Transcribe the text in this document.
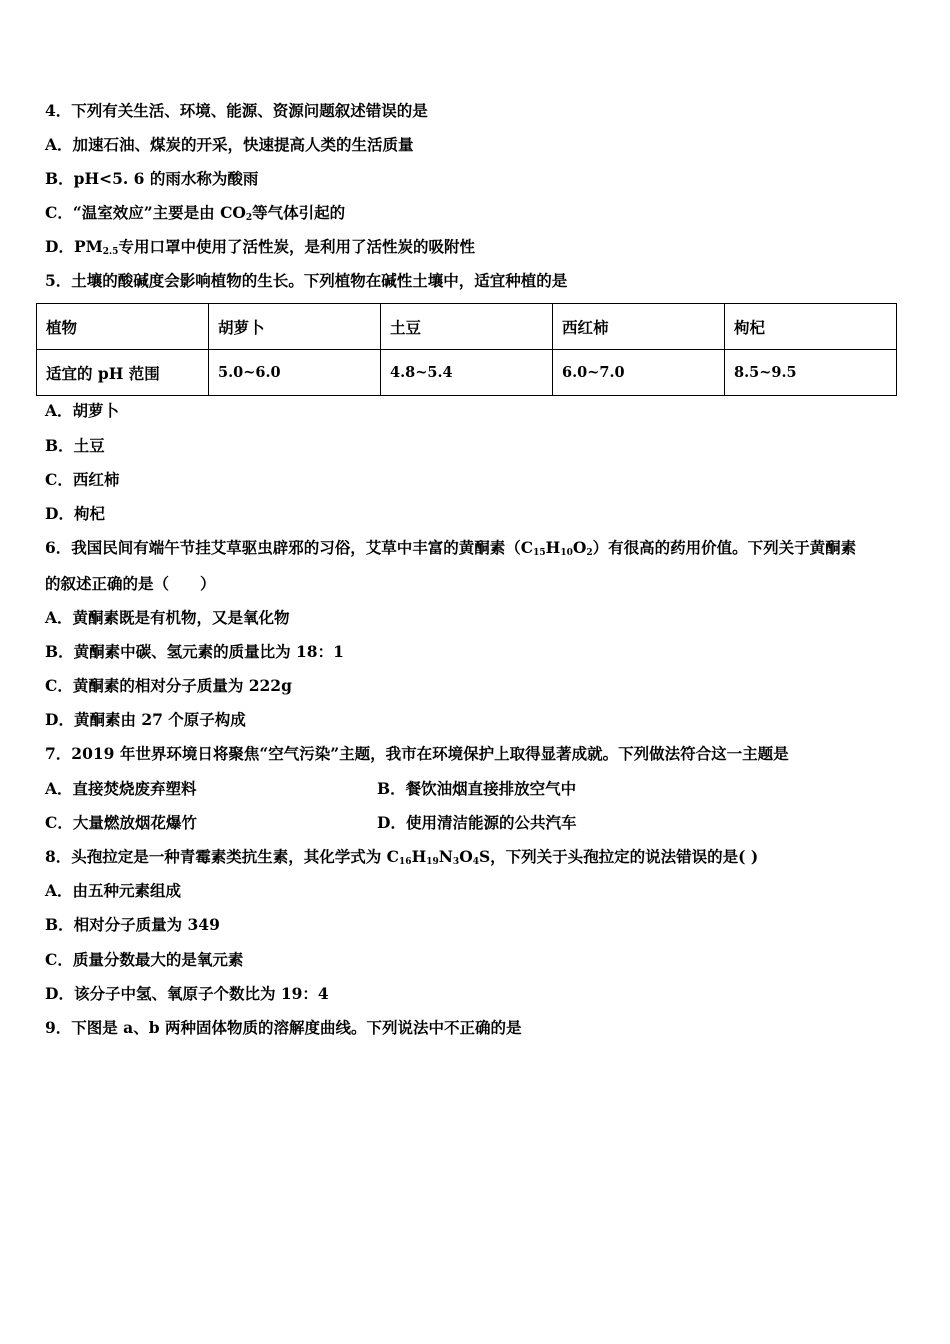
4．下列有关生活、环境、能源、资源问题叙述错误的是
A．加速石油、煤炭的开采，快速提高人类的生活质量
B．pH<5. 6 的雨水称为酸雨
C．“温室效应”主要是由 $CO_2$等气体引起的
D．$PM_{2.5}$专用口罩中使用了活性炭，是利用了活性炭的吸附性
5．土壤的酸碱度会影响植物的生长。下列植物在碱性土壤中，适宜种植的是
植物	胡萝卜	土豆	西红柿	枸杞
适宜的 pH 范围	5.0~6.0	4.8~5.4	6.0~7.0	8.5~9.5
A．胡萝卜
B．土豆
C．西红柿
D．枸杞
6．我国民间有端午节挂艾草驱虫辟邪的习俗，艾草中丰富的黄酮素$(C_{15}H_{10}O_2)$有很高的药用价值。下列关于黄酮素
的叙述正确的是（　　）
A．黄酮素既是有机物，又是氧化物
B．黄酮素中碳、氢元素的质量比为 18：1
C．黄酮素的相对分子质量为 222g
D．黄酮素由 27 个原子构成
7．2019 年世界环境日将聚焦“空气污染”主题，我市在环境保护上取得显著成就。下列做法符合这一主题是
A．直接焚烧废弃塑料	B．餐饮油烟直接排放空气中
C．大量燃放烟花爆竹	D．使用清洁能源的公共汽车
8．头孢拉定是一种青霉素类抗生素，其化学式为 $C_{16}H_{19}N_3O_4S$，下列关于头孢拉定的说法错误的是( )
A．由五种元素组成
B．相对分子质量为 349
C．质量分数最大的是氧元素
D．该分子中氢、氧原子个数比为 19：4
9．下图是 a、b 两种固体物质的溶解度曲线。下列说法中不正确的是
